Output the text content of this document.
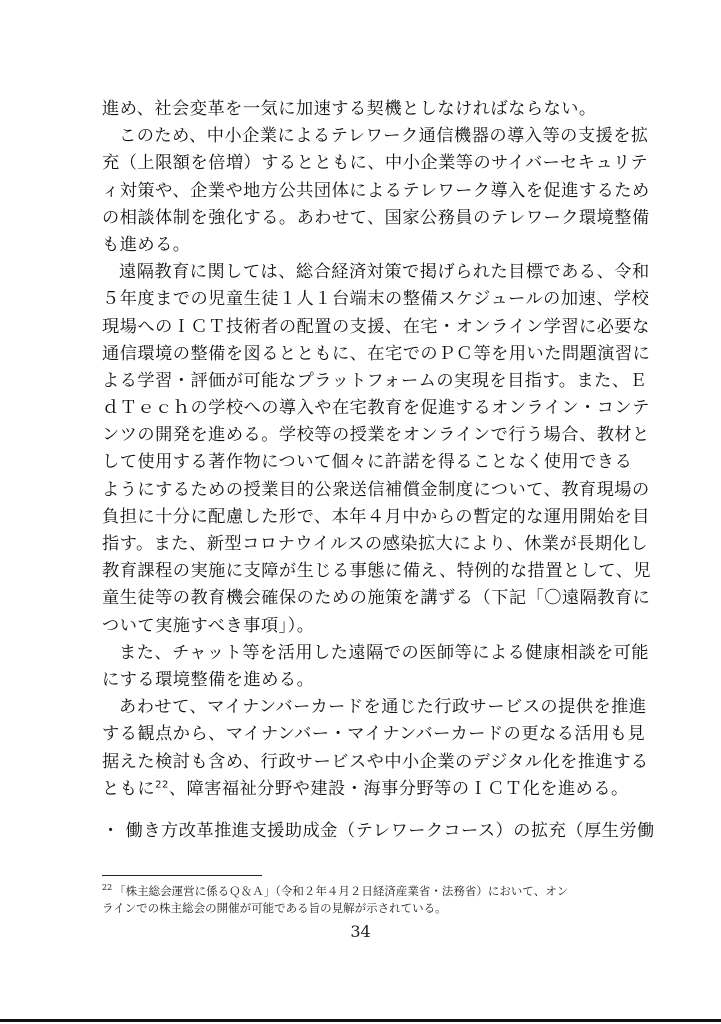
進め、社会変革を一気に加速する契機としなければならない。
このため、中小企業によるテレワーク通信機器の導入等の支援を拡
充（上限額を倍増）するとともに、中小企業等のサイバーセキュリテ
ィ対策や、企業や地方公共団体によるテレワーク導入を促進するため
の相談体制を強化する。あわせて、国家公務員のテレワーク環境整備
も進める。
遠隔教育に関しては、総合経済対策で掲げられた目標である、令和
５年度までの児童生徒１人１台端末の整備スケジュールの加速、学校
現場へのＩＣＴ技術者の配置の支援、在宅・オンライン学習に必要な
通信環境の整備を図るとともに、在宅でのＰＣ等を用いた問題演習に
よる学習・評価が可能なプラットフォームの実現を目指す。また、Ｅ
ｄＴｅｃｈの学校への導入や在宅教育を促進するオンライン・コンテ
ンツの開発を進める。学校等の授業をオンラインで行う場合、教材と
して使用する著作物について個々に許諾を得ることなく使用できる
ようにするための授業目的公衆送信補償金制度について、教育現場の
負担に十分に配慮した形で、本年４月中からの暫定的な運用開始を目
指す。また、新型コロナウイルスの感染拡大により、休業が長期化し
教育課程の実施に支障が生じる事態に備え、特例的な措置として、児
童生徒等の教育機会確保のための施策を講ずる（下記「〇遠隔教育に
ついて実施すべき事項」）。
また、チャット等を活用した遠隔での医師等による健康相談を可能
にする環境整備を進める。
あわせて、マイナンバーカードを通じた行政サービスの提供を推進
する観点から、マイナンバー・マイナンバーカードの更なる活用も見
据えた検討も含め、行政サービスや中小企業のデジタル化を推進する
ともに$^{22}$、障害福祉分野や建設・海事分野等のＩＣＴ化を進める。
・ 働き方改革推進支援助成金（テレワークコース）の拡充（厚生労働
$^{22}$ 「株主総会運営に係るＱ＆Ａ」（令和２年４月２日経済産業省・法務省）において、オン
ラインでの株主総会の開催が可能である旨の見解が示されている。
34
